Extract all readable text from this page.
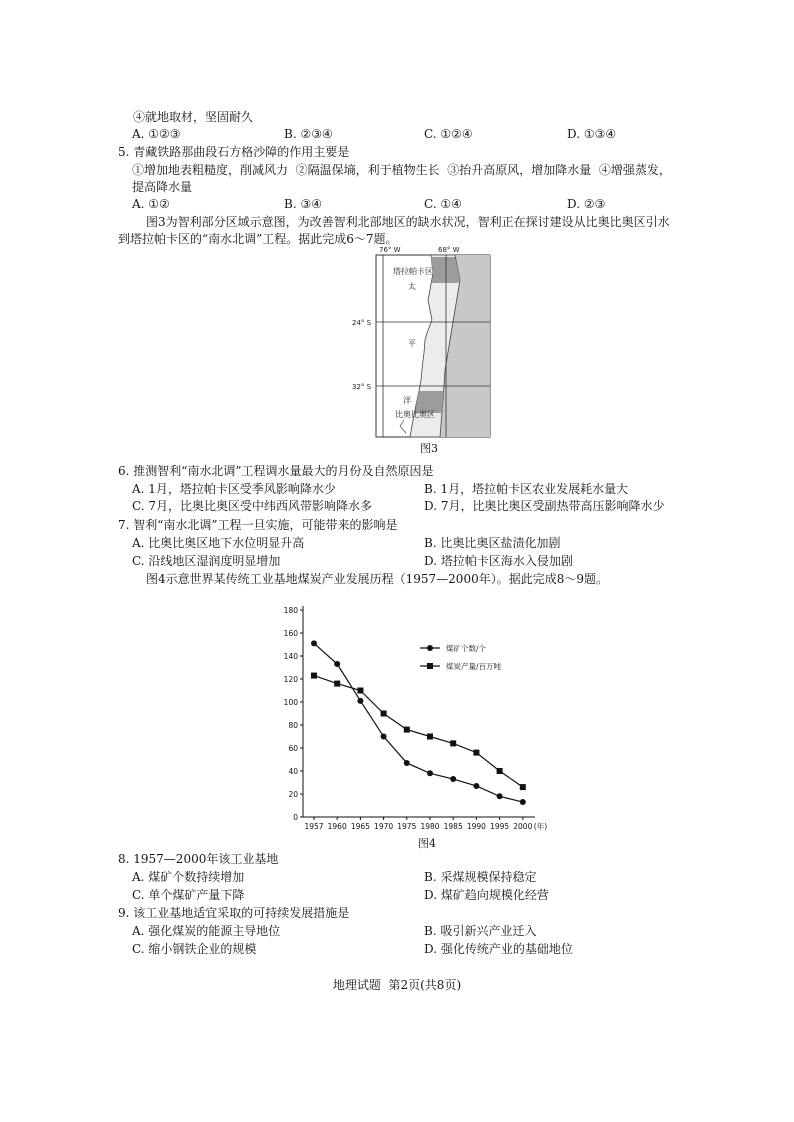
④就地取材，坚固耐久
A. ①②③	B. ②③④	C. ①②④	D. ①③④
5. 青藏铁路那曲段石方格沙障的作用主要是
①增加地表粗糙度，削减风力  ②隔温保墒，利于植物生长  ③抬升高原风，增加降水量  ④增强蒸发，
提高降水量
A. ①②	B. ③④	C. ①④	D. ②③
图3为智利部分区域示意图，为改善智利北部地区的缺水状况，智利正在探讨建设从比奥比奥区引水
到塔拉帕卡区的“南水北调”工程。据此完成6～7题。
76° W	68° W
24° S
32° S
塔拉帕卡区
太
平
洋
比奥比奥区
图3
6. 推测智利“南水北调”工程调水量最大的月份及自然原因是
A. 1月，塔拉帕卡区受季风影响降水少	B. 1月，塔拉帕卡区农业发展耗水量大
C. 7月，比奥比奥区受中纬西风带影响降水多	D. 7月，比奥比奥区受副热带高压影响降水少
7. 智利“南水北调”工程一旦实施，可能带来的影响是
A. 比奥比奥区地下水位明显升高	B. 比奥比奥区盐渍化加剧
C. 沿线地区湿润度明显增加	D. 塔拉帕卡区海水入侵加剧
图4示意世界某传统工业基地煤炭产业发展历程（1957—2000年）。据此完成8～9题。
0
20
40
60
80
100
120
140
160
180
1957 1960 1965 1970 1975 1980 1985 1990 1995 2000 (年)
煤矿个数/个
煤炭产量/百万吨
图4
8. 1957—2000年该工业基地
A. 煤矿个数持续增加	B. 采煤规模保持稳定
C. 单个煤矿产量下降	D. 煤矿趋向规模化经营
9. 该工业基地适宜采取的可持续发展措施是
A. 强化煤炭的能源主导地位	B. 吸引新兴产业迁入
C. 缩小钢铁企业的规模	D. 强化传统产业的基础地位
地理试题  第2页(共8页)
